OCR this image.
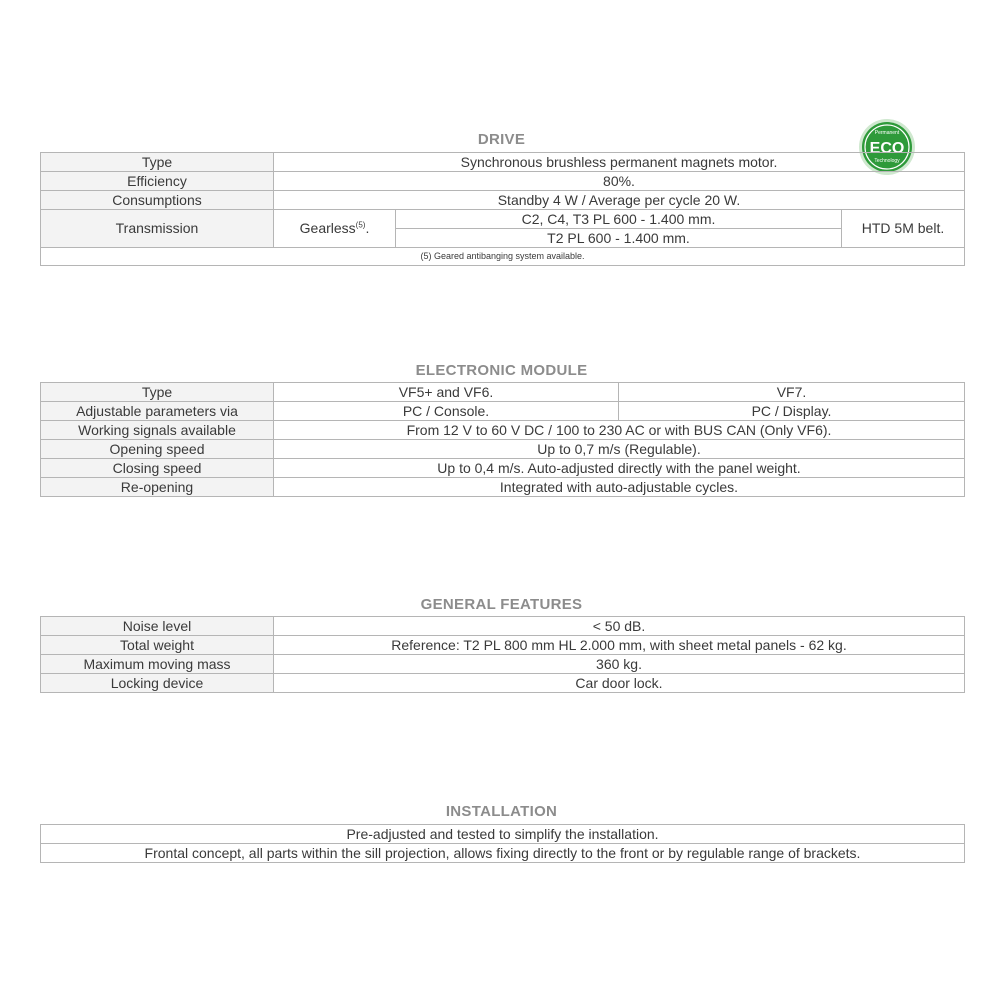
DRIVE	Permanent
ECO
Technology
Type	Synchronous brushless permanent magnets motor.		
Efficiency	80%.		
Consumptions	Standby 4 W / Average per cycle 20 W.		
Transmission	Gearless$^{(5)}$.	C2, C4, T3 PL 600 - 1.400 mm.	HTD 5M belt.
		T2 PL 600 - 1.400 mm.	
(5) Geared antibanging system available.			
ELECTRONIC MODULE
Type	VF5+ and VF6.	VF7.
Adjustable parameters via	PC / Console.	PC / Display.
Working signals available	From 12 V to 60 V DC / 100 to 230 AC or with BUS CAN (Only VF6).	
Opening speed	Up to 0,7 m/s (Regulable).	
Closing speed	Up to 0,4 m/s. Auto-adjusted directly with the panel weight.	
Re-opening	Integrated with auto-adjustable cycles.	
GENERAL FEATURES
Noise level	< 50 dB.
Total weight	Reference: T2 PL 800 mm HL 2.000 mm, with sheet metal panels - 62 kg.
Maximum moving mass	360 kg.
Locking device	Car door lock.
INSTALLATION
Pre-adjusted and tested to simplify the installation.
Frontal concept, all parts within the sill projection, allows fixing directly to the front or by regulable range of brackets.
